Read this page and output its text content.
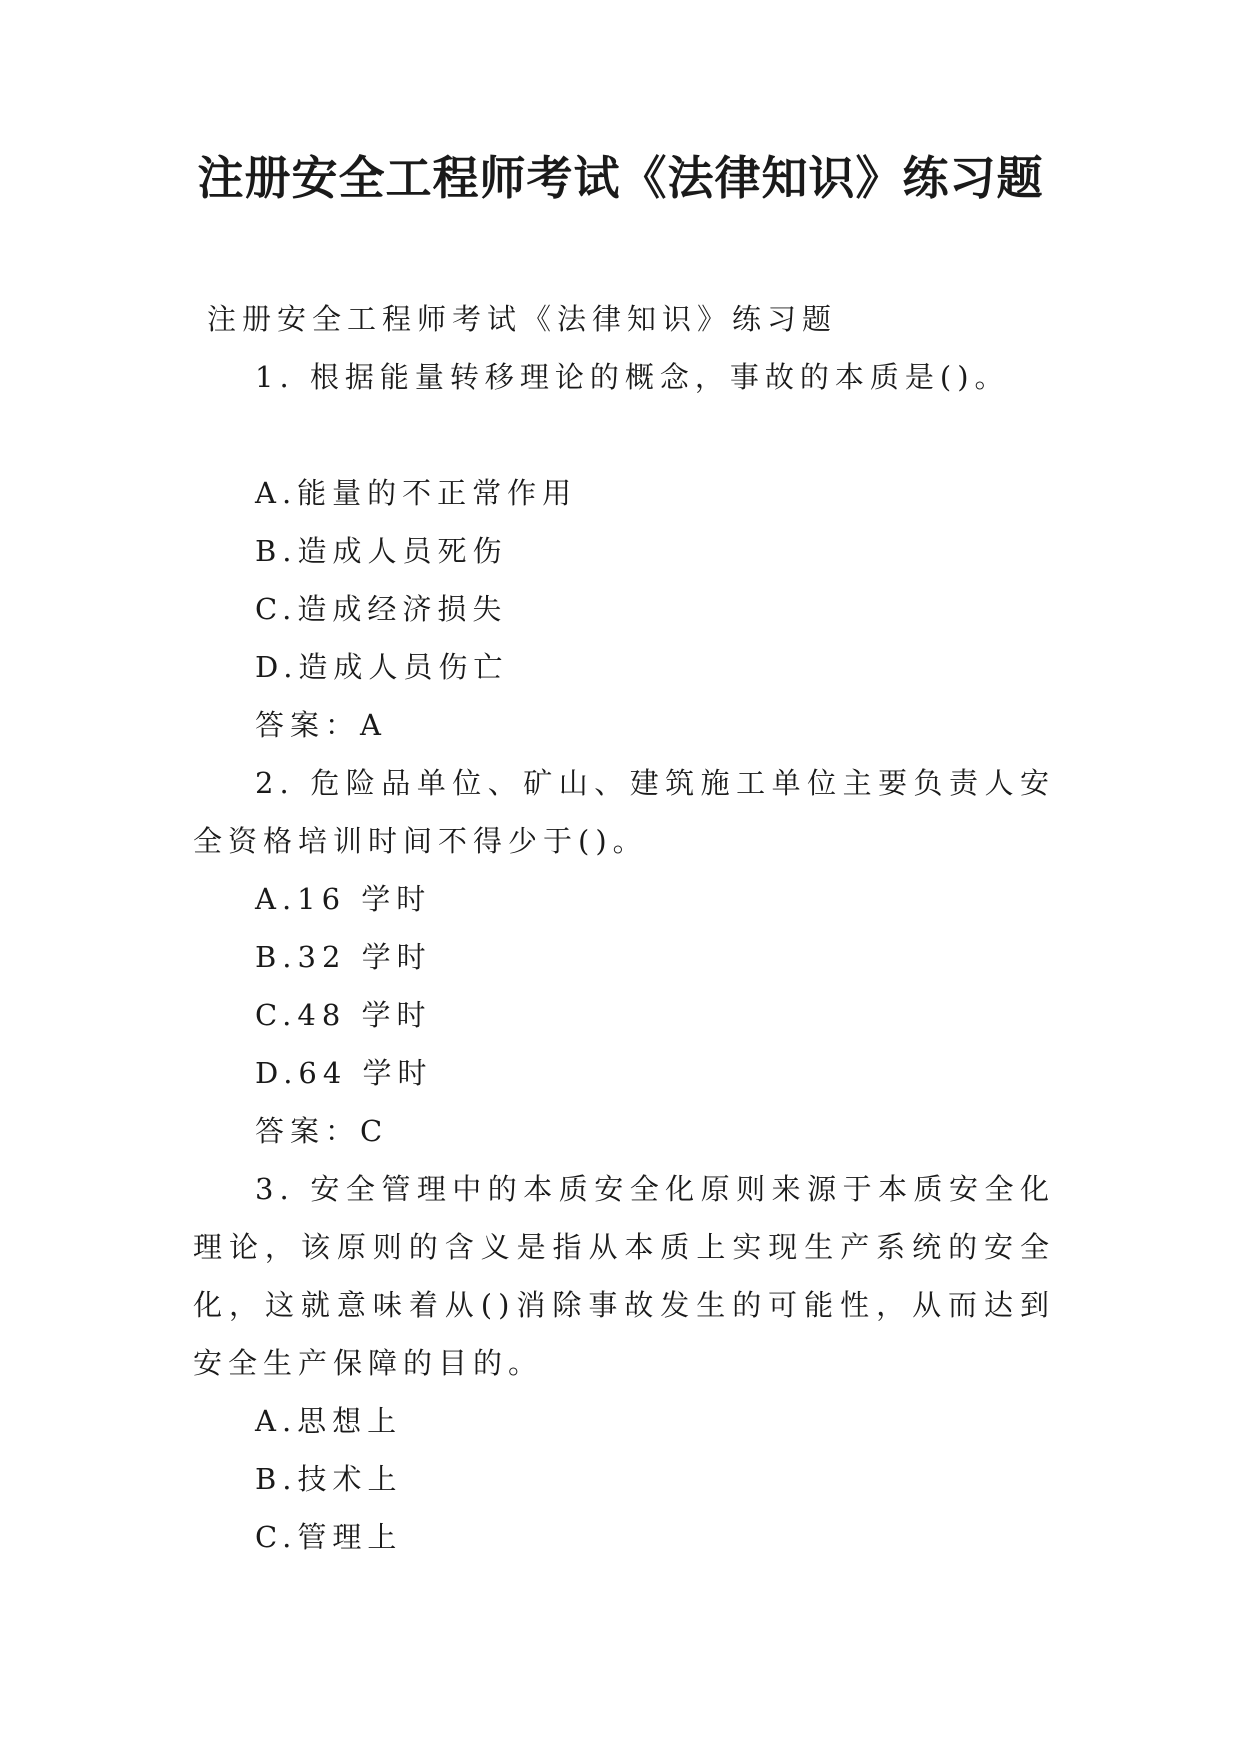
注册安全工程师考试《法律知识》练习题
注册安全工程师考试《法律知识》练习题
1. 根据能量转移理论的概念，事故的本质是()。
A.能量的不正常作用
B.造成人员死伤
C.造成经济损失
D.造成人员伤亡
答案：A
2. 危险品单位、矿山、建筑施工单位主要负责人安全资格培训时间不得少于()。
A.16 学时
B.32 学时
C.48 学时
D.64 学时
答案：C
3. 安全管理中的本质安全化原则来源于本质安全化理论，该原则的含义是指从本质上实现生产系统的安全化，这就意味着从()消除事故发生的可能性，从而达到安全生产保障的目的。
A.思想上
B.技术上
C.管理上
